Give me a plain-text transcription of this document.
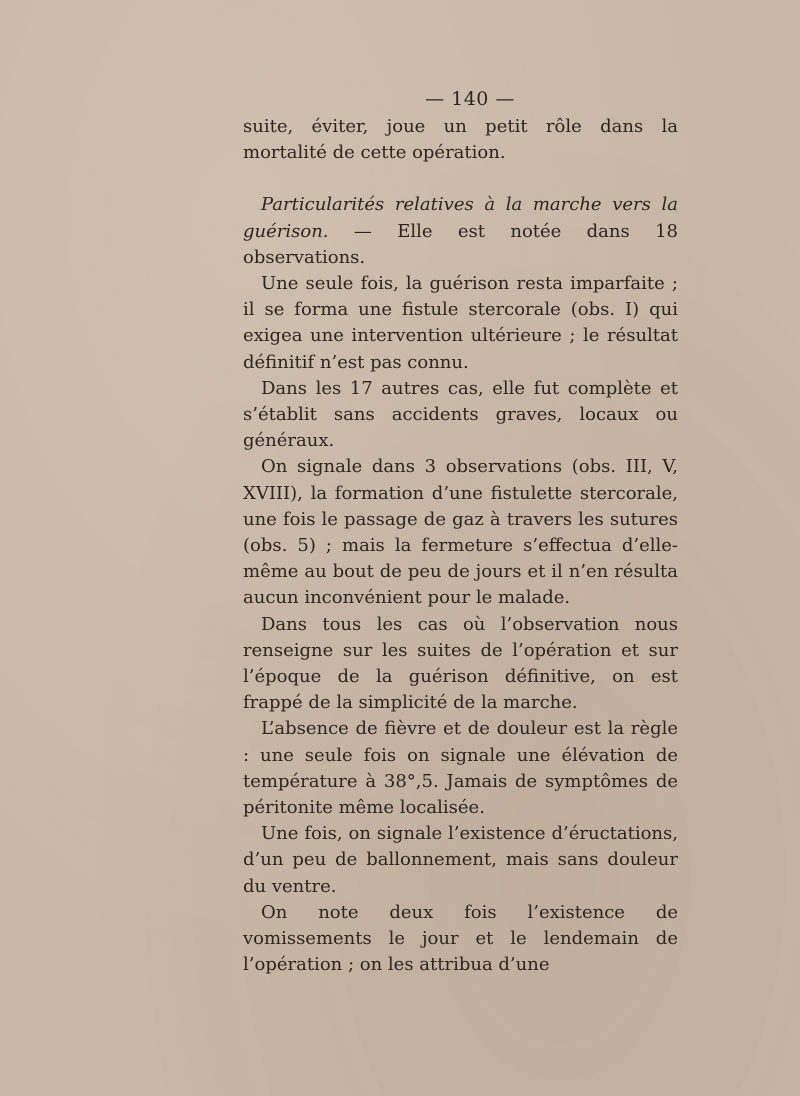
— 140 —

suite, éviter, joue un petit rôle dans la mortalité de cette opération.

Particularités relatives à la marche vers la guérison. — Elle est notée dans 18 observations.

Une seule fois, la guérison resta imparfaite ; il se forma une fistule stercorale (obs. I) qui exigea une intervention ultérieure ; le résultat définitif n’est pas connu.

Dans les 17 autres cas, elle fut complète et s’établit sans accidents graves, locaux ou généraux.

On signale dans 3 observations (obs. III, V, XVIII), la formation d’une fistulette stercorale, une fois le passage de gaz à travers les sutures (obs. 5) ; mais la fermeture s’effectua d’elle-même au bout de peu de jours et il n’en résulta aucun inconvénient pour le malade.

Dans tous les cas où l’observation nous renseigne sur les suites de l’opération et sur l’époque de la guérison définitive, on est frappé de la simplicité de la marche.

L’absence de fièvre et de douleur est la règle : une seule fois on signale une élévation de température à 38°,5. Jamais de symptômes de péritonite même localisée.

Une fois, on signale l’existence d’éructations, d’un peu de ballonnement, mais sans douleur du ventre.

On note deux fois l’existence de vomissements le jour et le lendemain de l’opération ; on les attribua d’une
